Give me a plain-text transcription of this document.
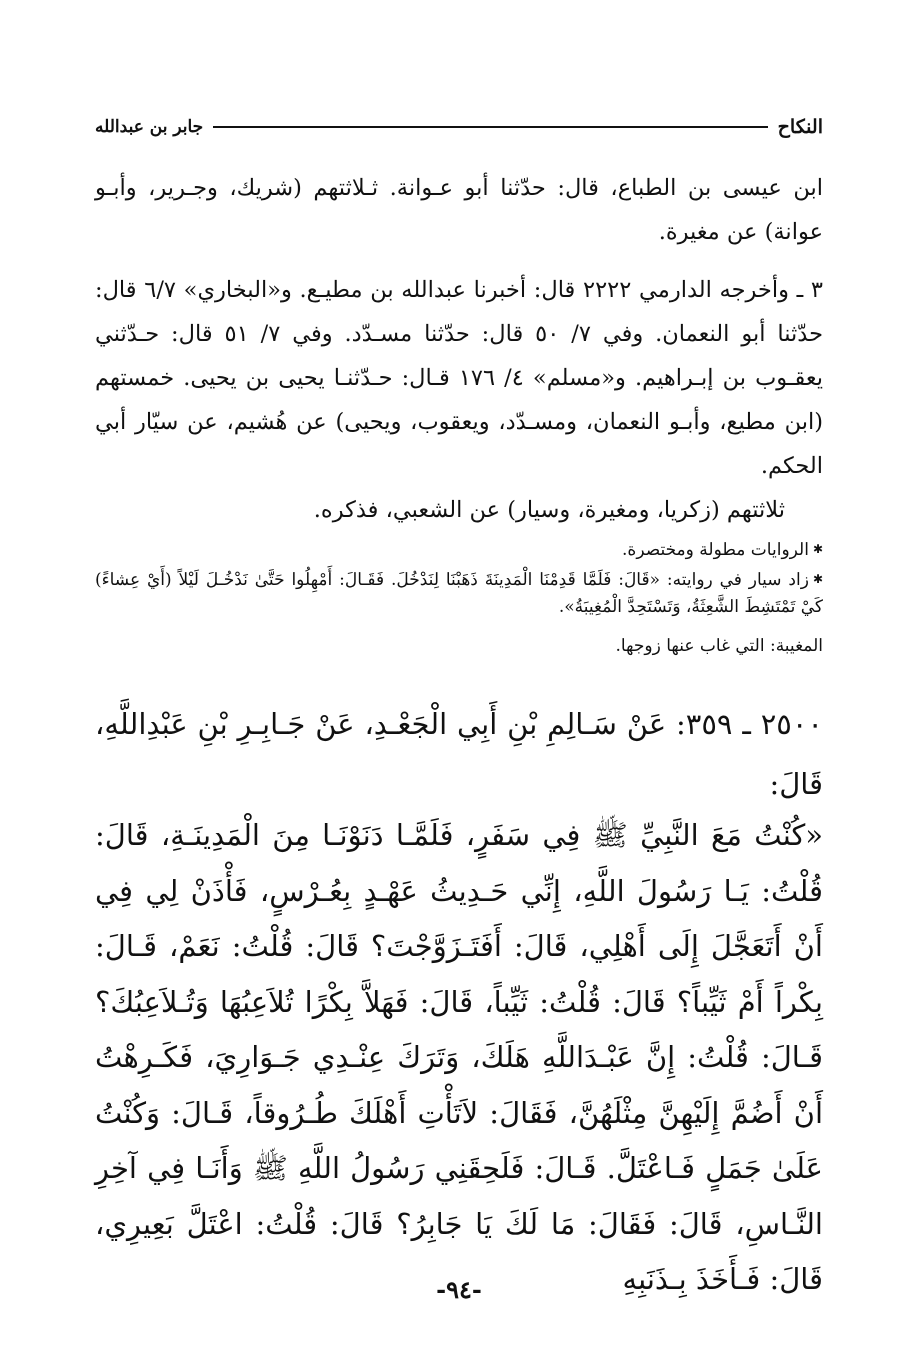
النكاح
جابر بن عبدالله

ابن عيسى بن الطباع، قال: حدّثنا أبو عـوانة. ثـلاثتهم (شريك، وجـرير، وأبـو عوانة) عن مغيرة.

٣ ـ وأخرجه الدارمي ٢٢٢٢ قال: أخبرنا عبدالله بن مطيـع. و«البخاري» ٦/٧ قال: حدّثنا أبو النعمان. وفي ٧/ ٥٠ قال: حدّثنا مسـدّد. وفي ٧/ ٥١ قال: حـدّثني يعقـوب بن إبـراهيم. و«مسلم» ٤/ ١٧٦ قـال: حـدّثنـا يحيى بن يحيى. خمستهم (ابن مطيع، وأبـو النعمان، ومسـدّد، ويعقوب، ويحيى) عن هُشيم، عن سيّار أبي الحكم.

ثلاثتهم (زكريا، ومغيرة، وسيار) عن الشعبي، فذكره.

✱الروايات مطولة ومختصرة.

✱زاد سيار في روايته: «قَالَ: فَلَمَّا قَدِمْنَا الْمَدِينَةَ ذَهَبْنَا لِنَدْخُلَ. فَقَـالَ: أَمْهِلُوا حَتَّىٰ نَدْخُـلَ لَيْلاً (أَيْ عِشاءً) كَيْ تَمْتَشِطَ الشَّعِثَةُ، وَتَسْتَحِدَّ الْمُغِيبَةُ».

المغيبة: التي غاب عنها زوجها.

٢٥٠٠ ـ ٣٥٩: عَنْ سَـالِمِ بْنِ أَبِي الْجَعْـدِ، عَنْ جَـابِـرِ بْنِ عَبْدِاللَّهِ، قَالَ:
«كُنْتُ مَعَ النَّبِيِّ ﷺ فِي سَفَرٍ، فَلَمَّـا دَنَوْنَـا مِنَ الْمَدِينَـةِ، قَالَ: قُلْتُ: يَـا رَسُولَ اللَّهِ، إِنِّي حَـدِيثُ عَهْـدٍ بِعُـرْسٍ، فَأْذَنْ لِي فِي أَنْ أَتَعَجَّلَ إِلَى أَهْلِي، قَالَ: أَفَتَـزَوَّجْتَ؟ قَالَ: قُلْتُ: نَعَمْ، قَـالَ: بِكْراً أَمْ ثَيِّباً؟ قَالَ: قُلْتُ: ثَيِّباً، قَالَ: فَهَلاَّ بِكْرًا تُلاَعِبُهَا وَتُـلاَعِبُكَ؟ قَـالَ: قُلْتُ: إِنَّ عَبْـدَاللَّهِ هَلَكَ، وَتَرَكَ عِنْـدِي جَـوَارِيَ، فَكَـرِهْتُ أَنْ أَضُمَّ إِلَيْهِنَّ مِثْلَهُنَّ، فَقَالَ: لاَتَأْتِ أَهْلَكَ طُـرُوقاً، قَـالَ: وَكُنْتُ عَلَىٰ جَمَلٍ فَـاعْتَلَّ. قَـالَ: فَلَحِقَنِي رَسُولُ اللَّهِ ﷺ وَأَنَـا فِي آخِرِ النَّـاسِ، قَالَ: فَقَالَ: مَا لَكَ يَا جَابِرُ؟ قَالَ: قُلْتُ: اعْتَلَّ بَعِيرِي، قَالَ: فَـأَخَذَ بِـذَنَبِهِ
-٩٤-
